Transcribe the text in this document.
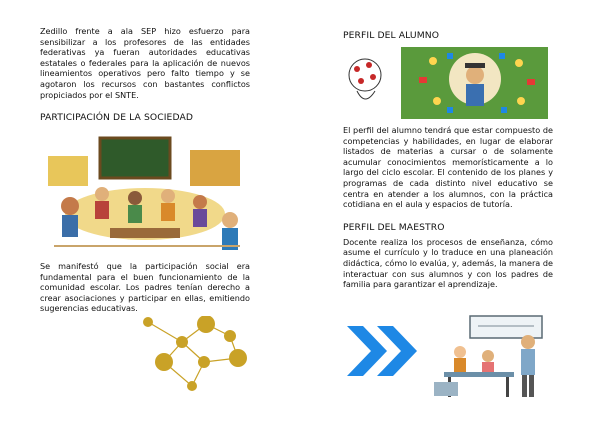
Zedillo frente a ala SEP hizo esfuerzo para sensibilizar a los profesores de las entidades federativas ya fueran autoridades educativas estatales o federales para la aplicación de nuevos lineamientos operativos pero falto tiempo y se agotaron los recursos con bastantes conflictos propiciados por el SNTE.

PARTICIPACIÓN DE LA SOCIEDAD

Se manifestó que la participación social era fundamental para el buen funcionamiento de la comunidad escolar. Los padres tenían derecho a crear asociaciones y participar en ellas, emitiendo sugerencias educativas.

PERFIL DEL ALUMNO

El perfil del alumno tendrá que estar compuesto de competencias y habilidades, en lugar de elaborar listados de materias a cursar o de solamente acumular conocimientos memorísticamente a lo largo del ciclo escolar. El contenido de los planes y programas de cada distinto nivel educativo se centra en atender a los alumnos, con la práctica cotidiana en el aula y espacios de tutoría.

PERFIL DEL MAESTRO

Docente realiza los procesos de enseñanza, cómo asume el currículo y lo traduce en una planeación didáctica, cómo lo evalúa, y, además, la manera de interactuar con sus alumnos y con los padres de familia para garantizar el aprendizaje.
